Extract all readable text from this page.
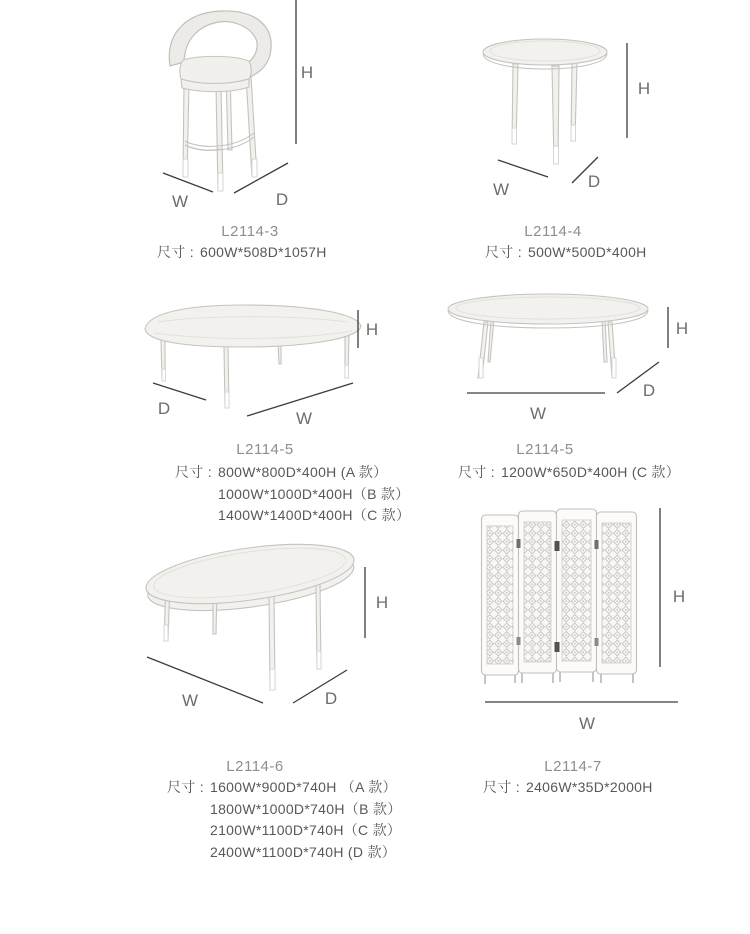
H
W	D
L2114-3
尺寸 : 600W*508D*1057H
H
W	D
L2114-4
尺寸 : 500W*500D*400H
H
D
W
L2114-5
尺寸 : 800W*800D*400H (A 款）
1000W*1000D*400H（B 款）
1400W*1400D*400H（C 款）
H
D
W
L2114-5
尺寸 : 1200W*650D*400H (C 款）
H
W	D
L2114-6
尺寸 : 1600W*900D*740H （A 款）
1800W*1000D*740H（B 款）
2100W*1100D*740H（C 款）
2400W*1100D*740H (D 款）
H
W
L2114-7
尺寸 : 2406W*35D*2000H
